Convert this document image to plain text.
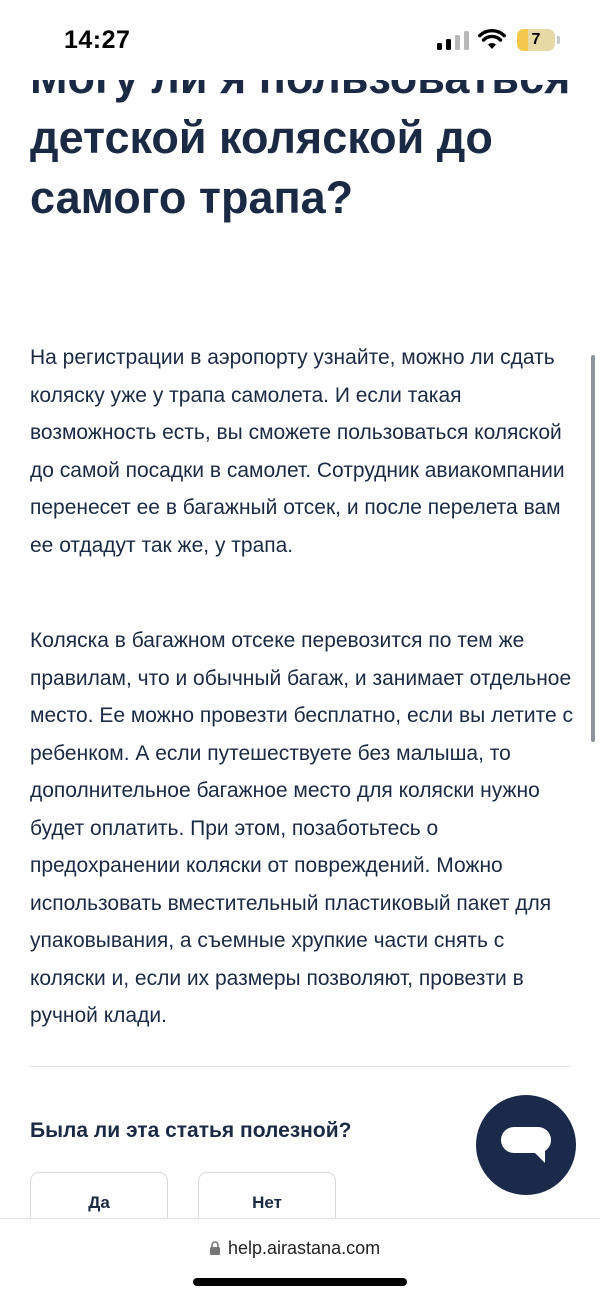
14:27	7
детской коляской до самого трапа?

На регистрации в аэропорту узнайте, можно ли сдать коляску уже у трапа самолета. И если такая возможность есть, вы сможете пользоваться коляской до самой посадки в самолет. Сотрудник авиакомпании перенесет ее в багажный отсек, и после перелета вам ее отдадут так же, у трапа.

Коляска в багажном отсеке перевозится по тем же правилам, что и обычный багаж, и занимает отдельное место. Ее можно провезти бесплатно, если вы летите с ребенком. А если путешествуете без малыша, то дополнительное багажное место для коляски нужно будет оплатить. При этом, позаботьтесь о предохранении коляски от повреждений. Можно использовать вместительный пластиковый пакет для упаковывания, а съемные хрупкие части снять с коляски и, если их размеры позволяют, провезти в ручной клади.

Была ли эта статья полезной?
Да	Нет
help.airastana.com
